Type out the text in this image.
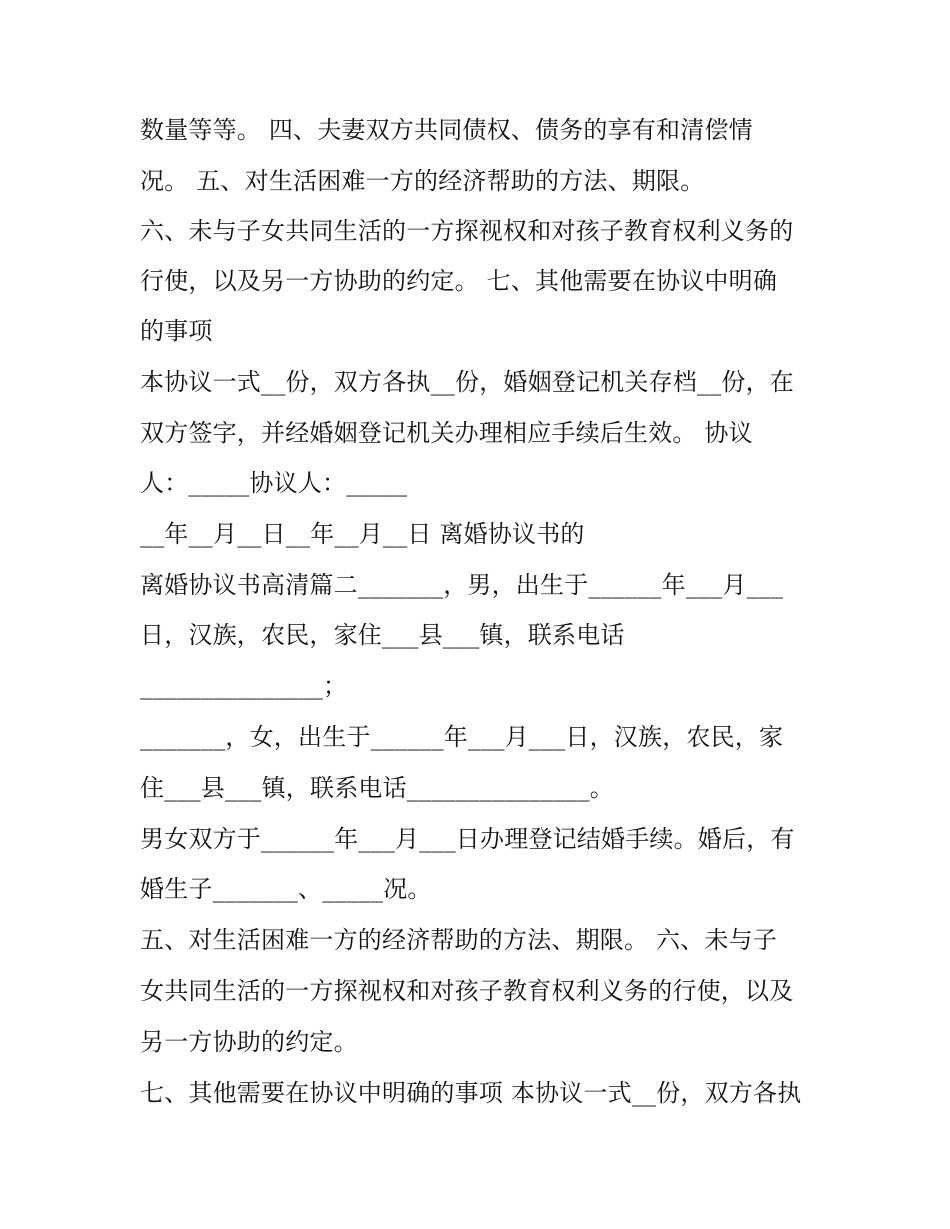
数量等等。 四、夫妻双方共同债权、债务的享有和清偿情

况。 五、对生活困难一方的经济帮助的方法、期限。

六、未与子女共同生活的一方探视权和对孩子教育权利义务的

行使，以及另一方协助的约定。 七、其他需要在协议中明确

的事项

本协议一式__份，双方各执__份，婚姻登记机关存档__份，在

双方签字，并经婚姻登记机关办理相应手续后生效。 协议

人：_____协议人：_____

__年__月__日__年__月__日 离婚协议书的

离婚协议书高清篇二_______，男，出生于______年___月___

日，汉族，农民，家住___县___镇，联系电话

_______________；

_______，女，出生于______年___月___日，汉族，农民，家

住___县___镇，联系电话_______________。

男女双方于______年___月___日办理登记结婚手续。婚后，有

婚生子_______、_____况。

五、对生活困难一方的经济帮助的方法、期限。 六、未与子

女共同生活的一方探视权和对孩子教育权利义务的行使，以及

另一方协助的约定。

七、其他需要在协议中明确的事项 本协议一式__份，双方各执
